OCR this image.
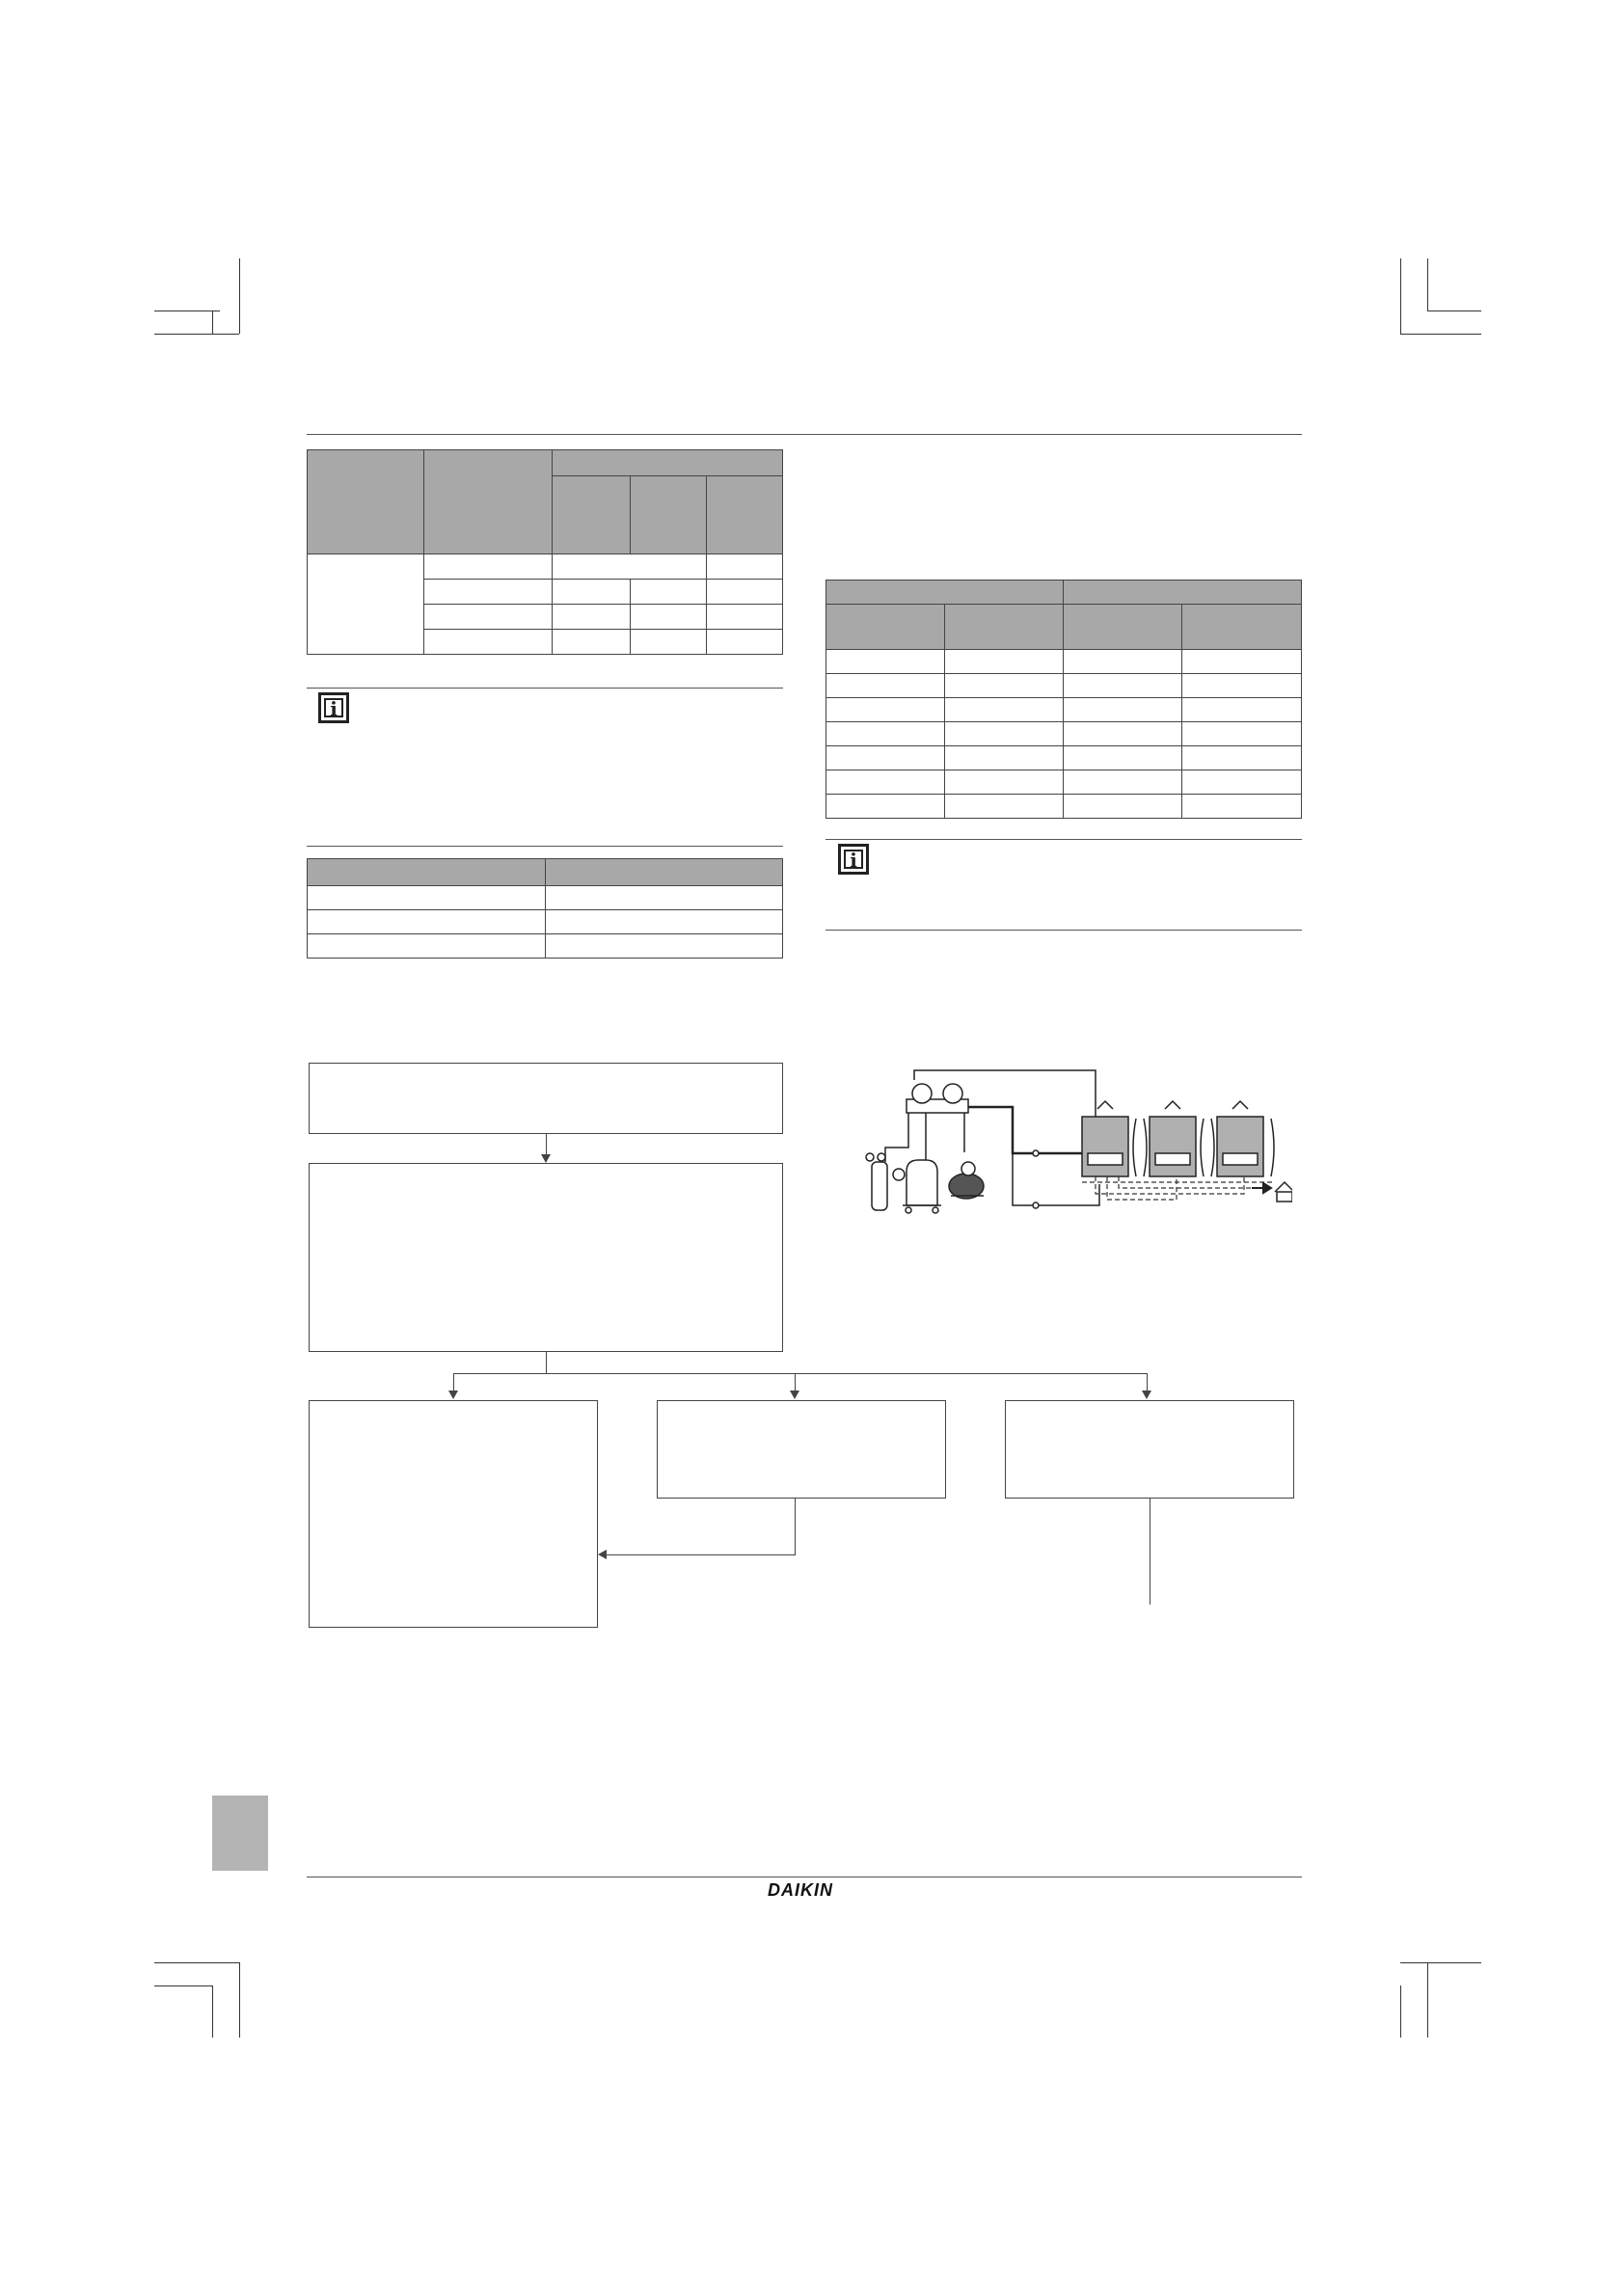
i

i
DAIKIN
